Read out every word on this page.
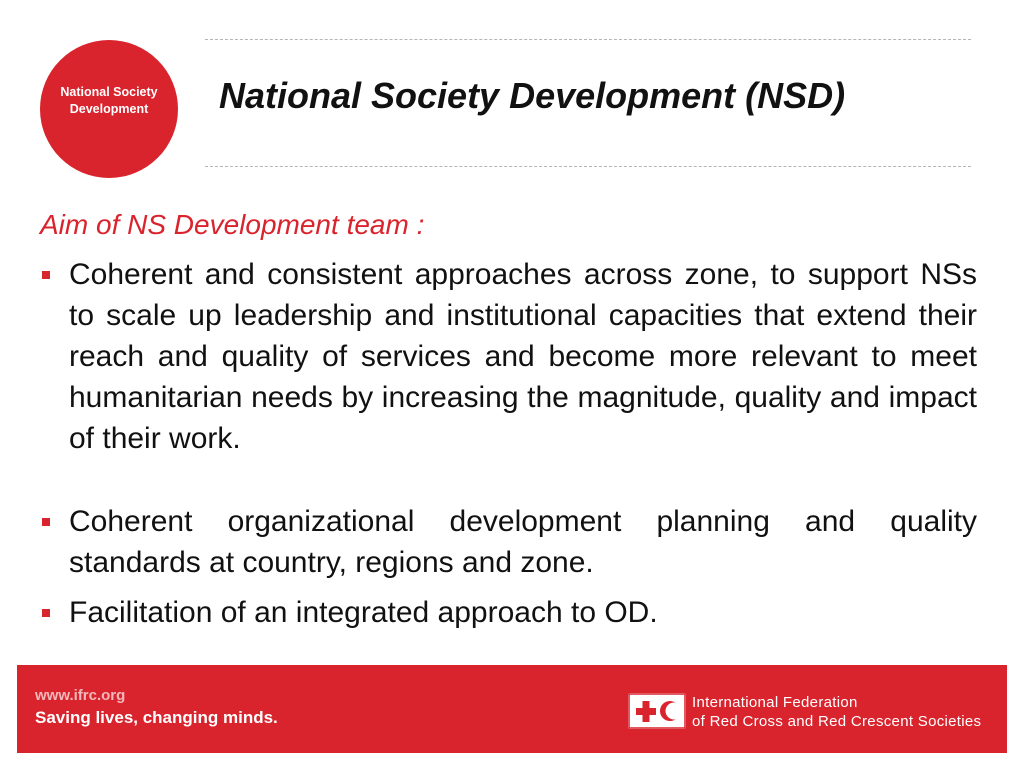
National Society
Development	National Society Development (NSD)
Aim of NS Development team :
Coherent and consistent approaches across zone, to support NSs to scale up leadership and institutional capacities that extend their reach and quality of services and become more relevant to meet humanitarian needs by increasing the magnitude, quality and impact of their work.
Coherent organizational development planning and quality standards at country, regions and zone.
Facilitation of an integrated approach to OD.
www.ifrc.org
Saving lives, changing minds.
International Federation
of Red Cross and Red Crescent Societies
